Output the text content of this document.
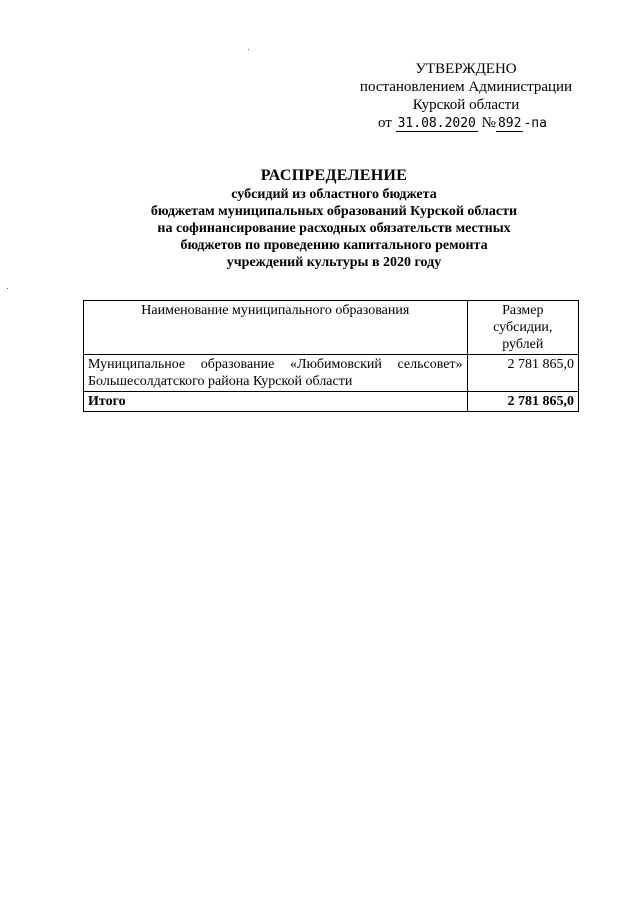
УТВЕРЖДЕНО
постановлением Администрации
Курской области
от 31.08.2020 № 892 -па
РАСПРЕДЕЛЕНИЕ
субсидий из областного бюджета
бюджетам муниципальных образований Курской области
на софинансирование расходных обязательств местных
бюджетов по проведению капитального ремонта
учреждений культуры в 2020 году
Наименование муниципального образования	Размер
субсидии,
рублей

Муниципальное образование «Любимовский сельсовет» Большесолдатского района Курской области	2 781 865,0
Итого	2 781 865,0
